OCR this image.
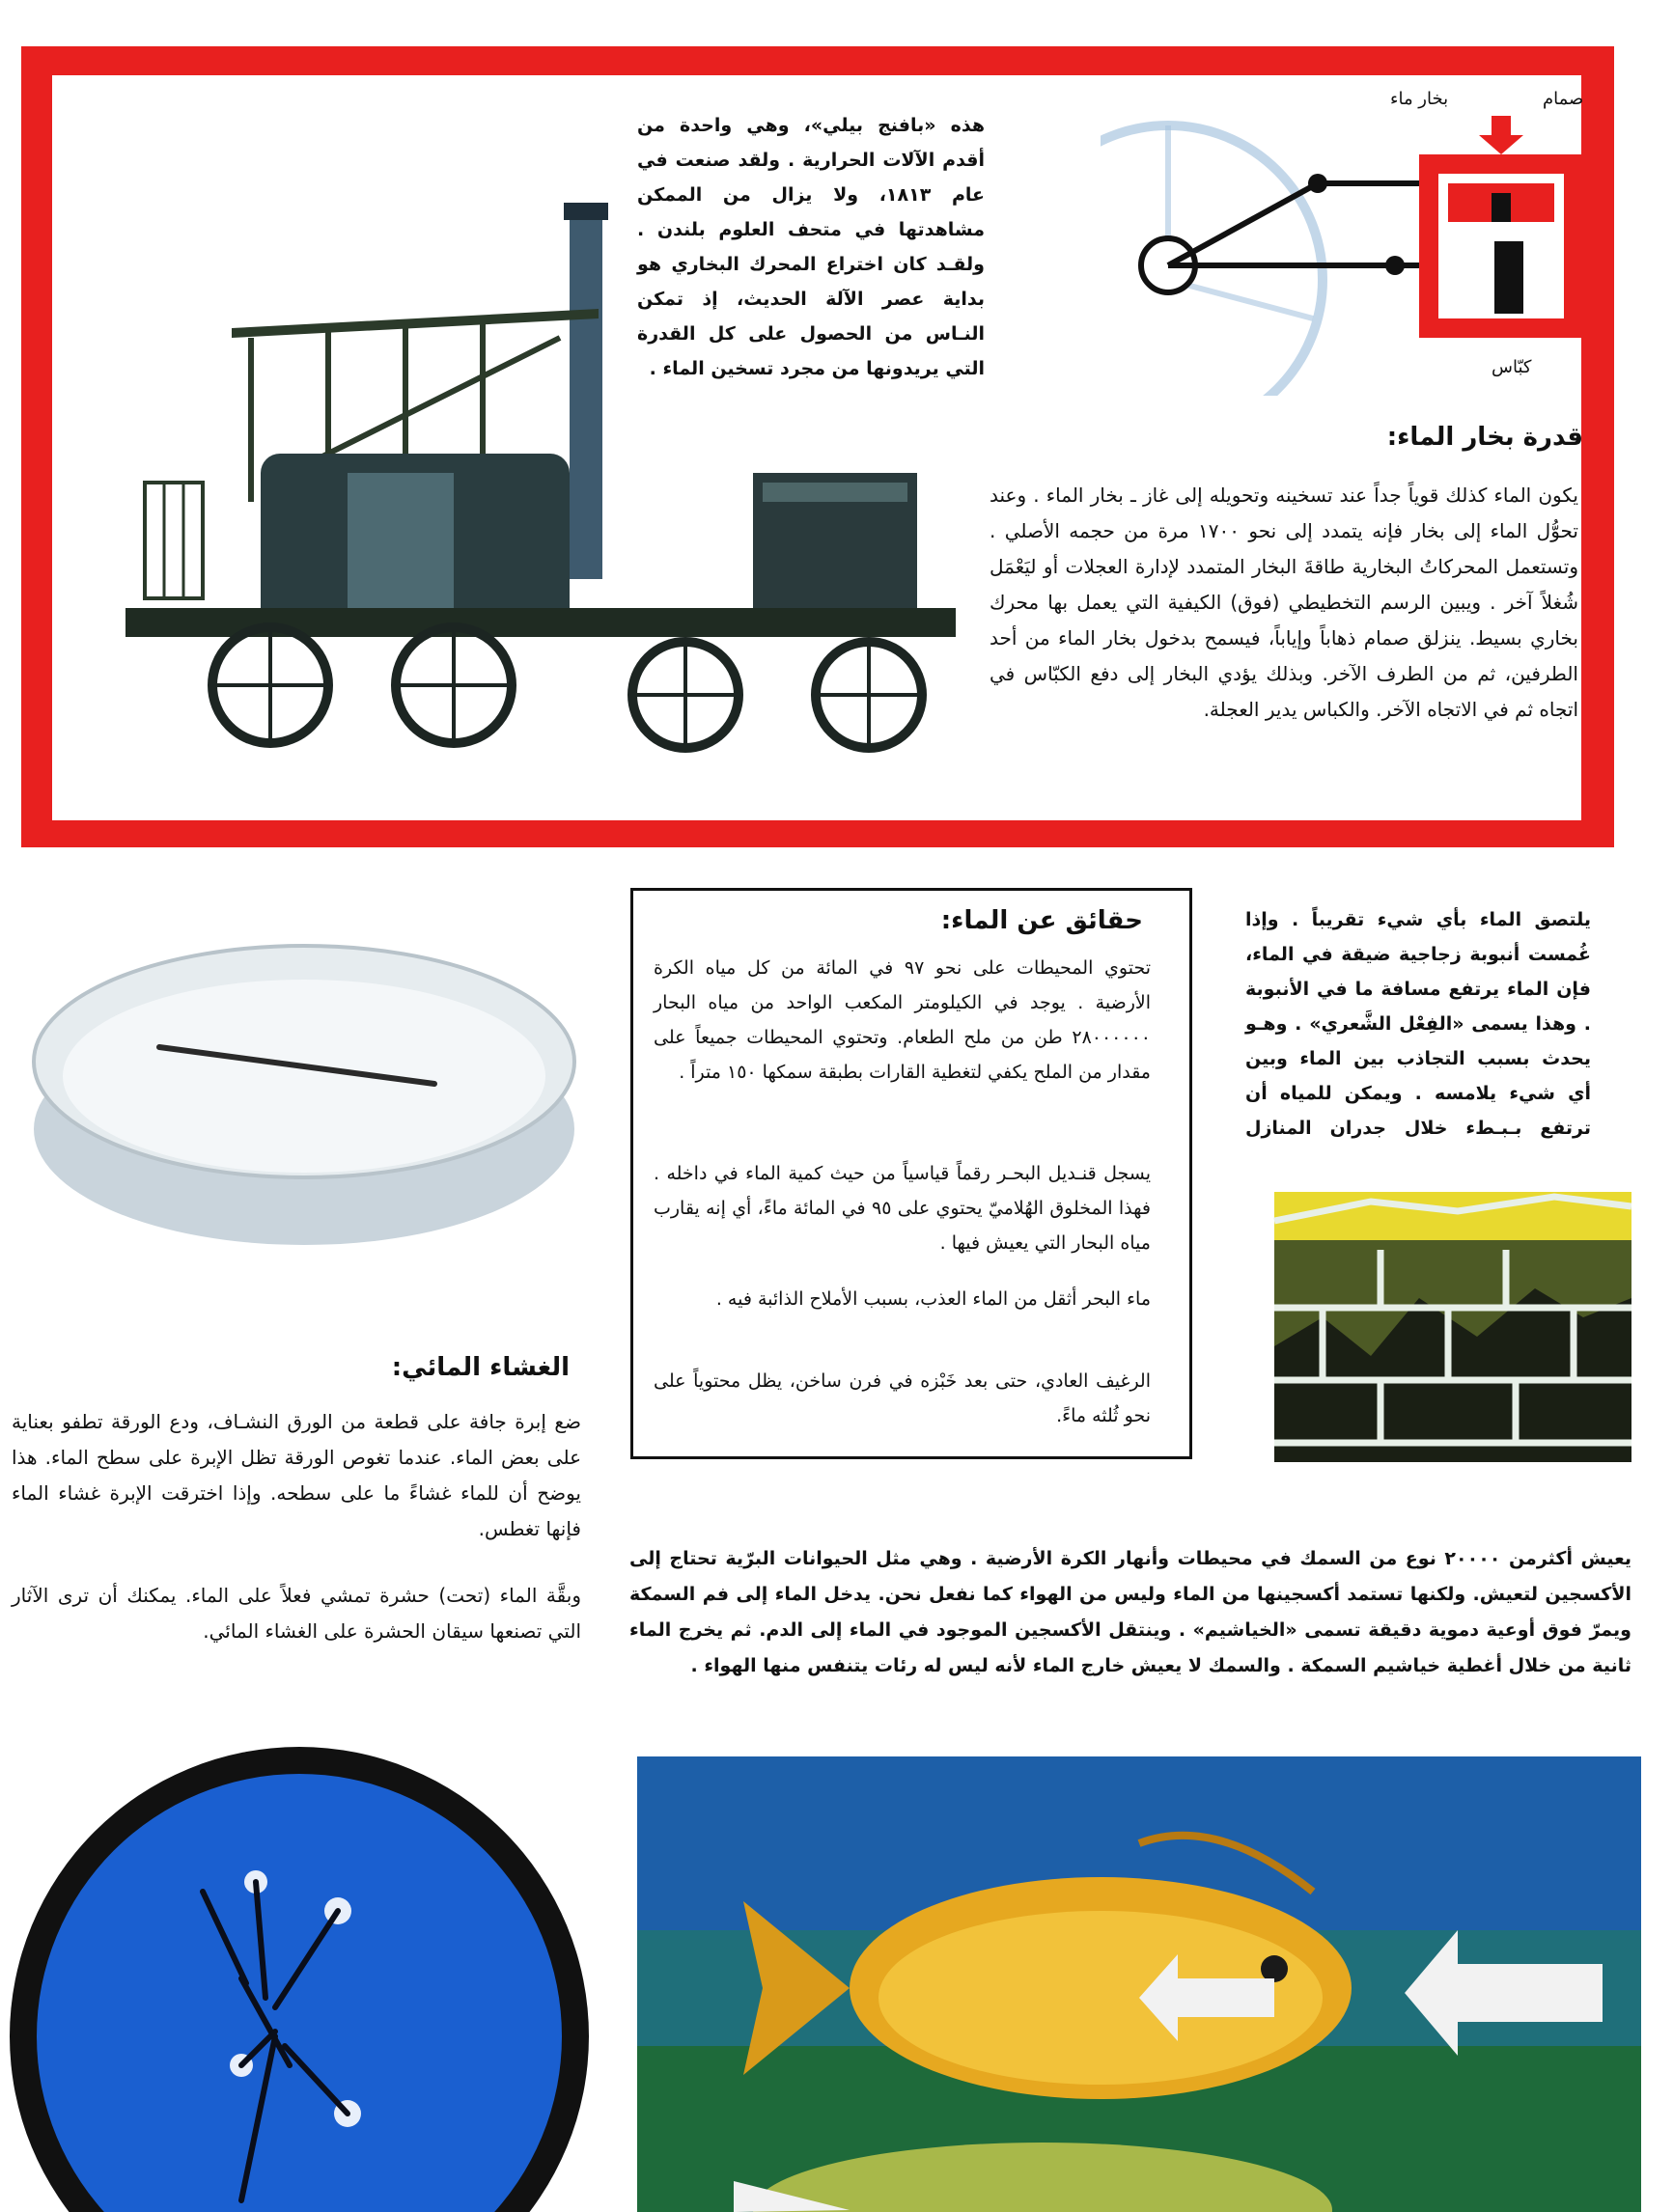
هذه «بافنج بيلي»، وهي واحدة من أقدم الآلات الحرارية . ولقد صنعت في عام ١٨١٣، ولا يزال من الممكن مشاهدتها في متحف العلوم بلندن . ولقـد كان اختراع المحرك البخاري هو بداية عصر الآلة الحديث، إذ تمكن النـاس من الحصول على كل القدرة التي يريدونها من مجرد تسخين الماء .
صمام
بخار ماء
كبّاس
قدرة بخار الماء:
يكون الماء كذلك قوياً جداً عند تسخينه وتحويله إلى غاز ـ بخار الماء . وعند تحوُّل الماء إلى بخار فإنه يتمدد إلى نحو ١٧٠٠ مرة من حجمه الأصلي . وتستعمل المحركاتُ البخارية طاقةَ البخار المتمدد لإدارة العجلات أو ليَعْمَل شُغلاً آخر . ويبين الرسم التخطيطي (فوق) الكيفية التي يعمل بها محرك بخاري بسيط. ينزلق صمام ذهاباً وإياباً، فيسمح بدخول بخار الماء من أحد الطرفين، ثم من الطرف الآخر. وبذلك يؤدي البخار إلى دفع الكبّاس في اتجاه ثم في الاتجاه الآخر. والكباس يدير العجلة.
يلتصق الماء بأي شيء تقريباً . وإذا غُمست أنبوبة زجاجية ضيقة في الماء، فإن الماء يرتفع مسافة ما في الأنبوبة . وهذا يسمى «الفِعْل الشَّعري» . وهـو يحدث بسبب التجاذب بين الماء وبين أي شيء يلامسه . ويمكن للمياه أن ترتفع بـبـطء خلال جدران المنازل
حقائق عن الماء:
تحتوي المحيطات على نحو ٩٧ في المائة من كل مياه الكرة الأرضية . يوجد في الكيلومتر المكعب الواحد من مياه البحار ٢٨٠٠٠٠٠٠ طن من ملح الطعام. وتحتوي المحيطات جميعاً على مقدار من الملح يكفي لتغطية القارات بطبقة سمكها ١٥٠ متراً .
يسجل قنـديل البحـر رقماً قياسياً من حيث كمية الماء في داخله . فهذا المخلوق الهُلاميّ يحتوي على ٩٥ في المائة ماءً، أي إنه يقارب مياه البحار التي يعيش فيها .
ماء البحر أثقل من الماء العذب، بسبب الأملاح الذائبة فيه .
الرغيف العادي، حتى بعد خَبْزه في فرن ساخن، يظل محتوياً على نحو ثُلثه ماءً.
الغشاء المائي:
ضع إبرة جافة على قطعة من الورق النشـاف، ودع الورقة تطفو بعناية على بعض الماء. عندما تغوص الورقة تظل الإبرة على سطح الماء. هذا يوضح أن للماء غشاءً ما على سطحه. وإذا اخترقت الإبرة غشاء الماء فإنها تغطس.
وبقَّة الماء (تحت) حشرة تمشي فعلاً على الماء. يمكنك أن ترى الآثار التي تصنعها سيقان الحشرة على الغشاء المائي.
يعيش أكثرمن ٢٠٠٠٠ نوع من السمك في محيطات وأنهار الكرة الأرضية . وهي مثل الحيوانات البرّية تحتاج إلى الأكسجين لتعيش. ولكنها تستمد أكسجينها من الماء وليس من الهواء كما نفعل نحن. يدخل الماء إلى فم السمكة ويمرّ فوق أوعية دموية دقيقة تسمى «الخياشيم» . وينتقل الأكسجين الموجود في الماء إلى الدم. ثم يخرج الماء ثانية من خلال أغطية خياشيم السمكة . والسمك لا يعيش خارج الماء لأنه ليس له رئات يتنفس منها الهواء .
